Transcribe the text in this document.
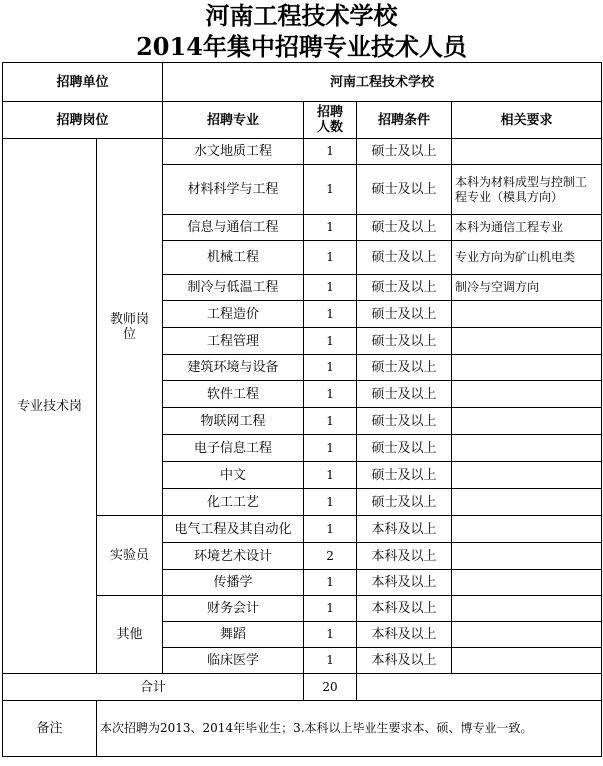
河南工程技术学校
2014年集中招聘专业技术人员
招聘单位		河南工程技术学校			
招聘岗位		招聘专业	招聘人数	招聘条件	相关要求
专业技术岗	教师岗位	水文地质工程	1	硕士及以上	
		材料科学与工程	1	硕士及以上	本科为材料成型与控制工程专业（模具方向）
		信息与通信工程	1	硕士及以上	本科为通信工程专业
		机械工程	1	硕士及以上	专业方向为矿山机电类
		制冷与低温工程	1	硕士及以上	制冷与空调方向
		工程造价	1	硕士及以上	
		工程管理	1	硕士及以上	
		建筑环境与设备	1	硕士及以上	
		软件工程	1	硕士及以上	
		物联网工程	1	硕士及以上	
		电子信息工程	1	硕士及以上	
		中文	1	硕士及以上	
		化工工艺	1	硕士及以上	
	实验员	电气工程及其自动化	1	本科及以上	
		环境艺术设计	2	本科及以上	
		传播学	1	本科及以上	
	其他	财务会计	1	本科及以上	
		舞蹈	1	本科及以上	
		临床医学	1	本科及以上	
合计			20		
备注	本次招聘为2013、2014年毕业生；3.本科以上毕业生要求本、硕、博专业一致。				
